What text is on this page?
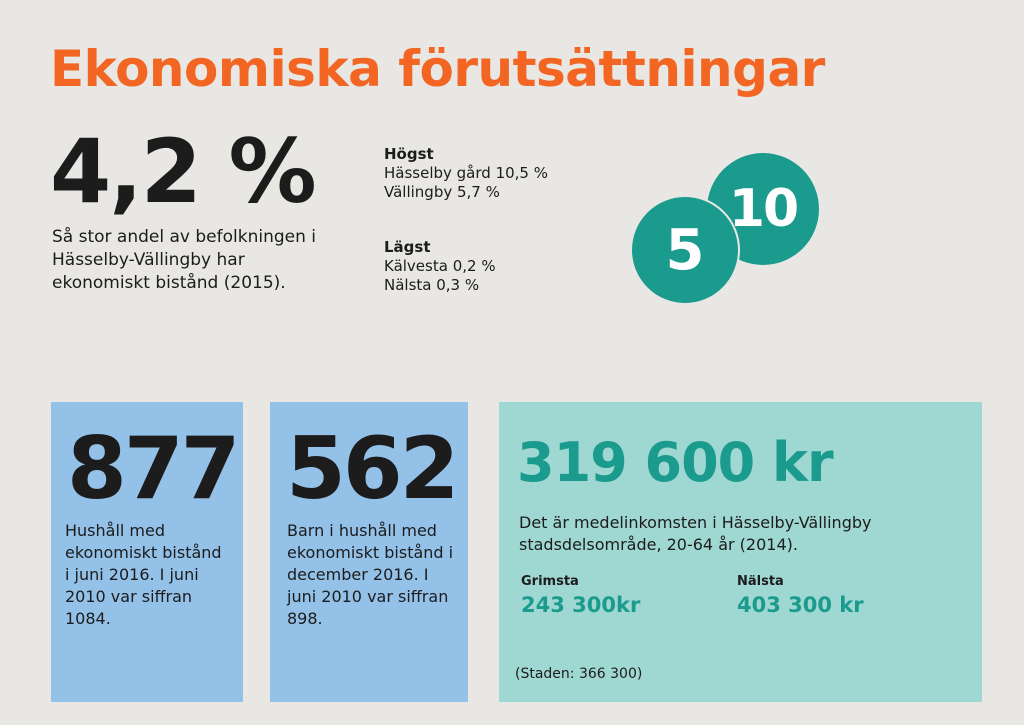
Ekonomiska förutsättningar
4,2 %
Så stor andel av befolkningen i Hässelby-Vällingby har ekonomiskt bistånd (2015).
Högst
Hässelby gård 10,5 %
Vällingby 5,7 %
Lägst
Kälvesta 0,2 %
Nälsta 0,3 %
10
5
877
Hushåll med ekonomiskt bistånd i juni 2016. I juni 2010 var siffran 1084.
562
Barn i hushåll med ekonomiskt bistånd i december 2016. I juni 2010 var siffran 898.
319 600 kr
Det är medelinkomsten i Hässelby-Vällingby stadsdelsområde, 20-64 år (2014).
Grimsta
243 300kr
Nälsta
403 300 kr
(Staden: 366 300)
